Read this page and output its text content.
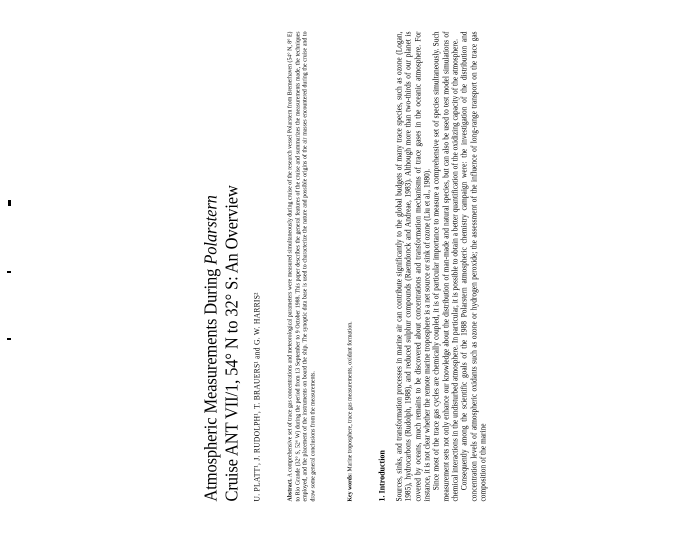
Atmospheric Measurements During Polarstern Cruise ANT VII/1, 54° N to 32° S: An Overview U. PLATT¹, J. RUDOLPH¹, T. BRAUERS¹ and G. W. HARRIS²	Abstract. A comprehensive set of trace gas concentrations and meteorological parameters were measured simultaneously during cruise of the research vessel Polarstern from Bremerhaven (54° N, 8° E) to Rio Grande (32° S, 52° W) during the period from 13 September to 9 October 1988. This paper describes the general features of the cruise and summarizes the measurements made, the techniques employed, and the placement of the instruments on board the ship. The synoptic data base is used to characterize the nature and possible origins of the air masses encountered during the cruise and to draw some general conclusions from the measurements.	Key words: Marine troposphere, trace gas measurements, oxidant formation.
1. Introduction Sources, sinks, and transformation processes in marine air can contribute significantly to the global budgets of many trace species, such as ozone (Logan, 1985), hydrocarbons (Rudolph, 1988), and reduced sulphur compounds (Raemdonck and Andreae, 1983). Although more than two-thirds of our planet is covered by oceans, much remains to be discovered about concentrations and transformation mechanisms of trace gases in the oceanic atmosphere. For instance, it is not clear whether the remote marine troposphere is a net source or sink of ozone (Liu et al., 1980). Since most of the trace gas cycles are chemically coupled, it is of particular importance to measure a comprehensive set of species simultaneously. Such measurement sets not only enhance our knowledge about the distribution of man-made and natural species, but can also be used to test model simulations of chemical interactions in the undisturbed atmosphere. In particular, it is possible to obtain a better quantification of the oxidizing capacity of the atmosphere. Consequently among the scientific goals of the 1988 Polarstern atmospheric chemistry campaign were: the investigation of the distribution and concentration levels of atmospheric oxidants such as ozone or hydrogen peroxide; the assessment of the influence of long-range transport on the trace gas composition of the marine
